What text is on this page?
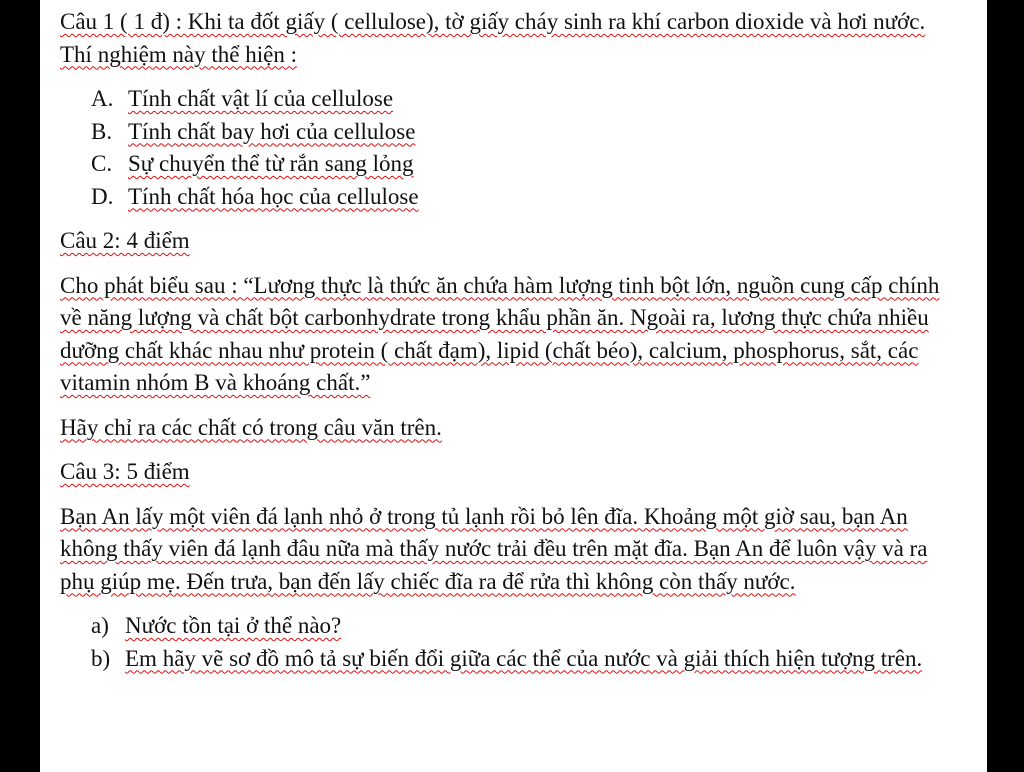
Câu 1 ( 1 đ) : Khi ta đốt giấy ( cellulose), tờ giấy cháy sinh ra khí carbon dioxide và hơi nước. Thí nghiệm này thể hiện :

A. Tính chất vật lí của cellulose
B. Tính chất bay hơi của cellulose
C. Sự chuyển thể từ rắn sang lỏng
D. Tính chất hóa học của cellulose

Câu 2: 4 điểm

Cho phát biểu sau : “Lương thực là thức ăn chứa hàm lượng tinh bột lớn, nguồn cung cấp chính về năng lượng và chất bột carbonhydrate trong khẩu phần ăn. Ngoài ra, lương thực chứa nhiều dưỡng chất khác nhau như protein ( chất đạm), lipid (chất béo), calcium, phosphorus, sắt, các vitamin nhóm B và khoáng chất.”

Hãy chỉ ra các chất có trong câu văn trên.

Câu 3: 5 điểm

Bạn An lấy một viên đá lạnh nhỏ ở trong tủ lạnh rồi bỏ lên đĩa. Khoảng một giờ sau, bạn An không thấy viên đá lạnh đâu nữa mà thấy nước trải đều trên mặt đĩa. Bạn An để luôn vậy và ra phụ giúp mẹ. Đến trưa, bạn đến lấy chiếc đĩa ra để rửa thì không còn thấy nước.

a) Nước tồn tại ở thể nào?
b) Em hãy vẽ sơ đồ mô tả sự biến đổi giữa các thể của nước và giải thích hiện tượng trên.
